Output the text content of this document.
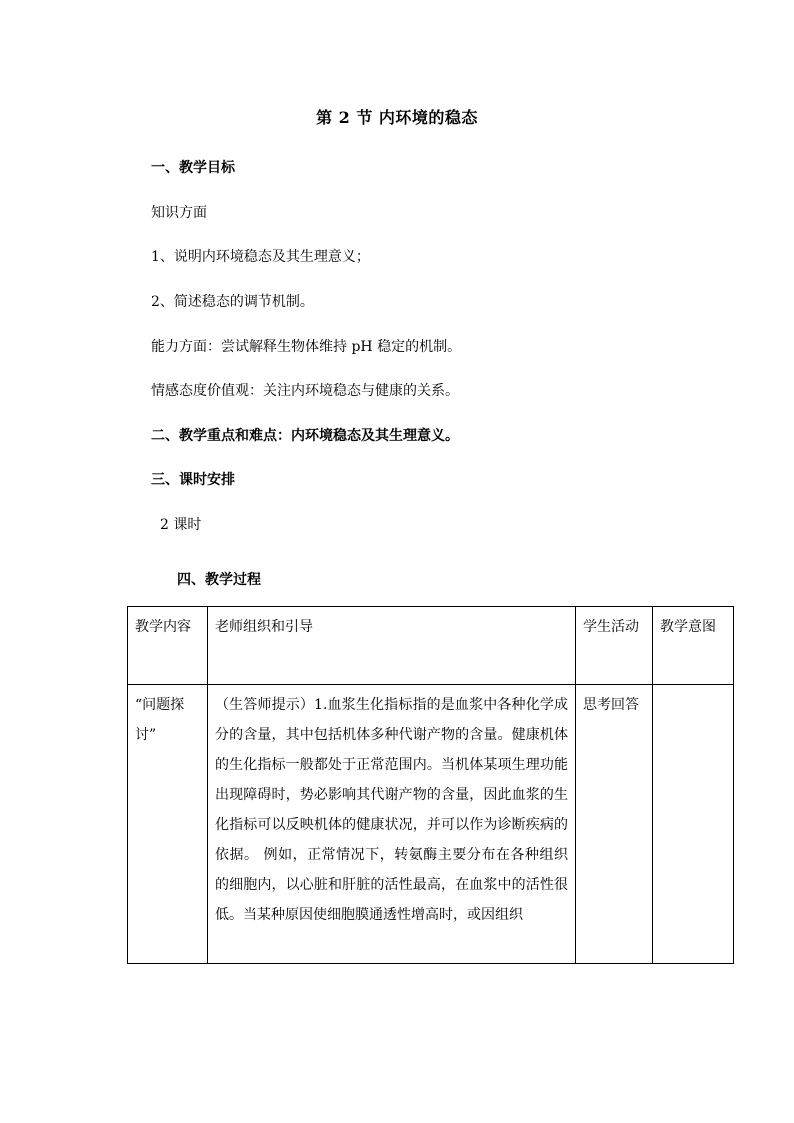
第 2 节 内环境的稳态
一、教学目标
知识方面
1、说明内环境稳态及其生理意义；
2、简述稳态的调节机制。
能力方面：尝试解释生物体维持 pH 稳定的机制。
情感态度价值观：关注内环境稳态与健康的关系。
二、教学重点和难点：内环境稳态及其生理意义。
三、课时安排
2 课时
四、教学过程
教学内容	老师组织和引导	学生活动	教学意图
“问题探讨”	（生答师提示）1.血浆生化指标指的是血浆中各种化学成分的含量，其中包括机体多种代谢产物的含量。健康机体的生化指标一般都处于正常范围内。当机体某项生理功能出现障碍时，势必影响其代谢产物的含量，因此血浆的生化指标可以反映机体的健康状况，并可以作为诊断疾病的依据。 例如，正常情况下，转氨酶主要分布在各种组织的细胞内，以心脏和肝脏的活性最高，在血浆中的活性很低。当某种原因使细胞膜通透性增高时，或因组织	思考回答	
